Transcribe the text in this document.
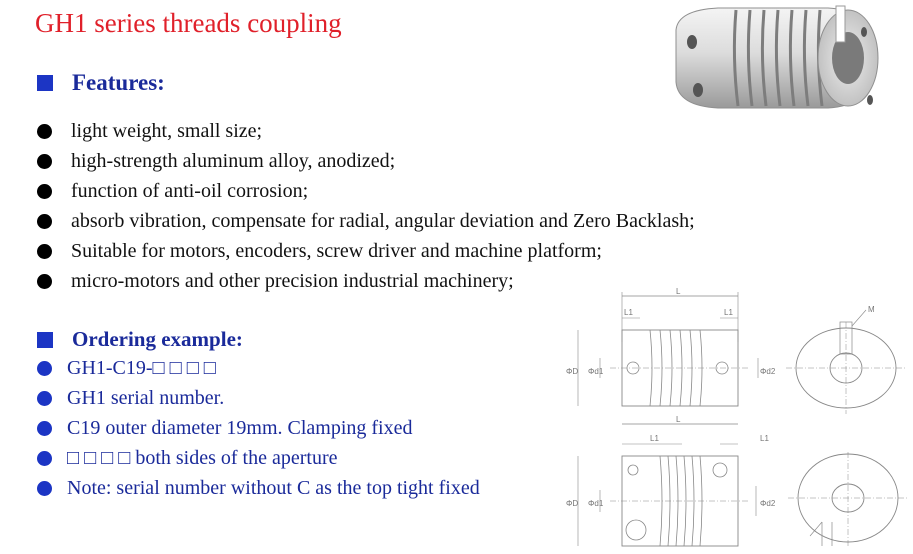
GH1 series threads coupling
Features:
light weight, small size;
high-strength aluminum alloy, anodized;
function of anti-oil corrosion;
absorb vibration, compensate for radial, angular deviation and Zero Backlash;
Suitable for motors, encoders, screw driver and machine platform;
micro-motors and other precision industrial machinery;
Ordering example:
GH1-C19-□ □ □ □
GH1 serial number.
C19 outer diameter 19mm. Clamping fixed
□ □ □ □ both sides of the aperture
Note: serial number without C as the top tight fixed
L
L1	L1
ΦD Φd1	Φd2
M
L
L1	L1
ΦD Φd1	Φd2
